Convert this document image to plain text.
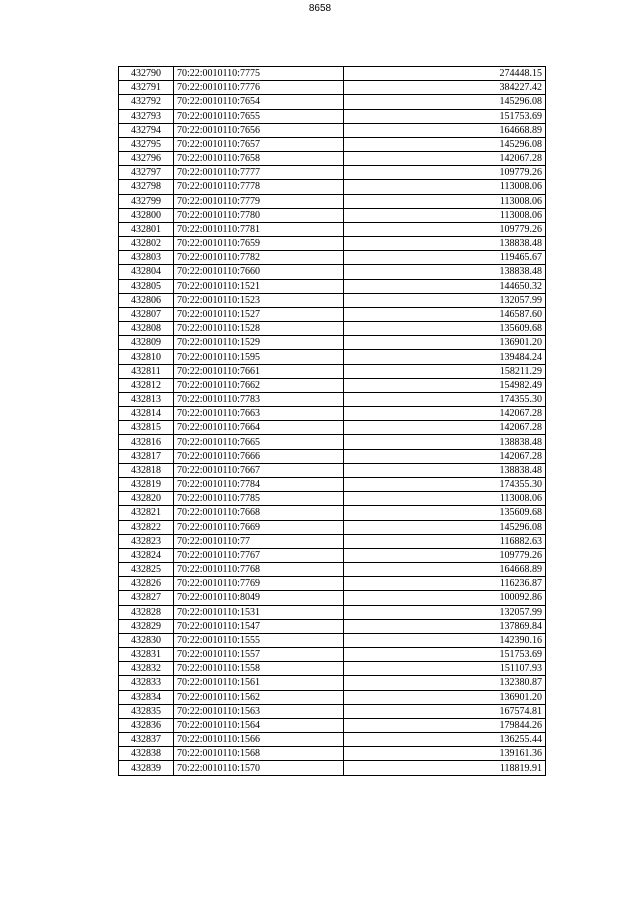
8658
432790	70:22:0010110:7775	274448.15
432791	70:22:0010110:7776	384227.42
432792	70:22:0010110:7654	145296.08
432793	70:22:0010110:7655	151753.69
432794	70:22:0010110:7656	164668.89
432795	70:22:0010110:7657	145296.08
432796	70:22:0010110:7658	142067.28
432797	70:22:0010110:7777	109779.26
432798	70:22:0010110:7778	113008.06
432799	70:22:0010110:7779	113008.06
432800	70:22:0010110:7780	113008.06
432801	70:22:0010110:7781	109779.26
432802	70:22:0010110:7659	138838.48
432803	70:22:0010110:7782	119465.67
432804	70:22:0010110:7660	138838.48
432805	70:22:0010110:1521	144650.32
432806	70:22:0010110:1523	132057.99
432807	70:22:0010110:1527	146587.60
432808	70:22:0010110:1528	135609.68
432809	70:22:0010110:1529	136901.20
432810	70:22:0010110:1595	139484.24
432811	70:22:0010110:7661	158211.29
432812	70:22:0010110:7662	154982.49
432813	70:22:0010110:7783	174355.30
432814	70:22:0010110:7663	142067.28
432815	70:22:0010110:7664	142067.28
432816	70:22:0010110:7665	138838.48
432817	70:22:0010110:7666	142067.28
432818	70:22:0010110:7667	138838.48
432819	70:22:0010110:7784	174355.30
432820	70:22:0010110:7785	113008.06
432821	70:22:0010110:7668	135609.68
432822	70:22:0010110:7669	145296.08
432823	70:22:0010110:77	116882.63
432824	70:22:0010110:7767	109779.26
432825	70:22:0010110:7768	164668.89
432826	70:22:0010110:7769	116236.87
432827	70:22:0010110:8049	100092.86
432828	70:22:0010110:1531	132057.99
432829	70:22:0010110:1547	137869.84
432830	70:22:0010110:1555	142390.16
432831	70:22:0010110:1557	151753.69
432832	70:22:0010110:1558	151107.93
432833	70:22:0010110:1561	132380.87
432834	70:22:0010110:1562	136901.20
432835	70:22:0010110:1563	167574.81
432836	70:22:0010110:1564	179844.26
432837	70:22:0010110:1566	136255.44
432838	70:22:0010110:1568	139161.36
432839	70:22:0010110:1570	118819.91
